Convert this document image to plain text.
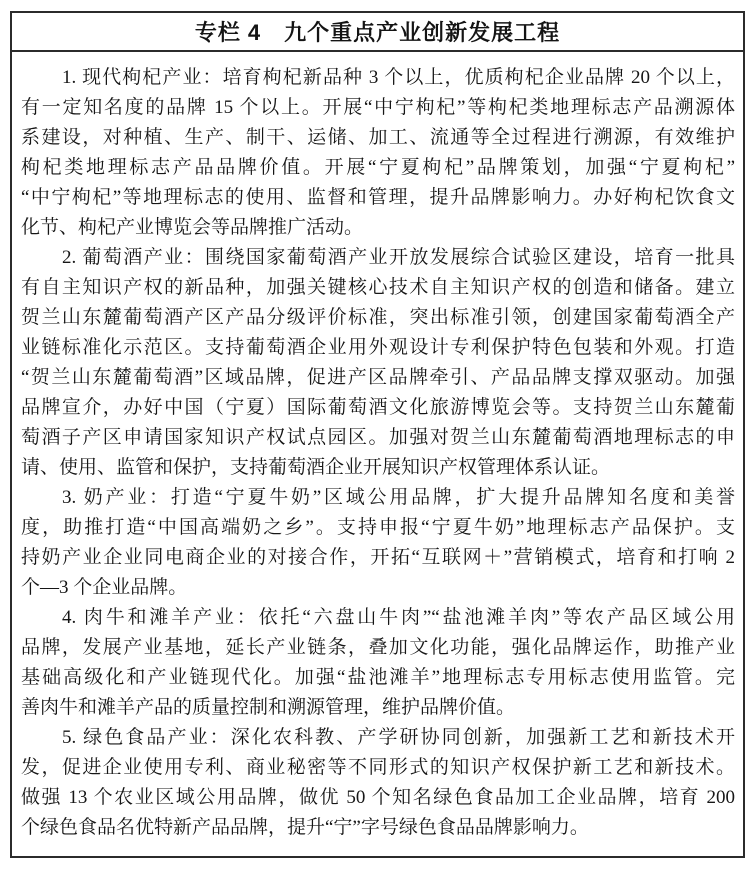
专栏 4　九个重点产业创新发展工程
1. 现代枸杞产业：培育枸杞新品种 3 个以上，优质枸杞企业品牌 20 个以上，
有一定知名度的品牌 15 个以上。开展“中宁枸杞”等枸杞类地理标志产品溯源体
系建设，对种植、生产、制干、运储、加工、流通等全过程进行溯源，有效维护
枸杞类地理标志产品品牌价值。开展“宁夏枸杞”品牌策划，加强“宁夏枸杞”
“中宁枸杞”等地理标志的使用、监督和管理，提升品牌影响力。办好枸杞饮食文
化节、枸杞产业博览会等品牌推广活动。
2. 葡萄酒产业：围绕国家葡萄酒产业开放发展综合试验区建设，培育一批具
有自主知识产权的新品种，加强关键核心技术自主知识产权的创造和储备。建立
贺兰山东麓葡萄酒产区产品分级评价标准，突出标准引领，创建国家葡萄酒全产
业链标准化示范区。支持葡萄酒企业用外观设计专利保护特色包装和外观。打造
“贺兰山东麓葡萄酒”区域品牌，促进产区品牌牵引、产品品牌支撑双驱动。加强
品牌宣介，办好中国（宁夏）国际葡萄酒文化旅游博览会等。支持贺兰山东麓葡
萄酒子产区申请国家知识产权试点园区。加强对贺兰山东麓葡萄酒地理标志的申
请、使用、监管和保护，支持葡萄酒企业开展知识产权管理体系认证。
3. 奶产业：打造“宁夏牛奶”区域公用品牌，扩大提升品牌知名度和美誉
度，助推打造“中国高端奶之乡”。支持申报“宁夏牛奶”地理标志产品保护。支
持奶产业企业同电商企业的对接合作，开拓“互联网＋”营销模式，培育和打响 2
个—3 个企业品牌。
4. 肉牛和滩羊产业：依托“六盘山牛肉”“盐池滩羊肉”等农产品区域公用
品牌，发展产业基地，延长产业链条，叠加文化功能，强化品牌运作，助推产业
基础高级化和产业链现代化。加强“盐池滩羊”地理标志专用标志使用监管。完
善肉牛和滩羊产品的质量控制和溯源管理，维护品牌价值。
5. 绿色食品产业：深化农科教、产学研协同创新，加强新工艺和新技术开
发，促进企业使用专利、商业秘密等不同形式的知识产权保护新工艺和新技术。
做强 13 个农业区域公用品牌，做优 50 个知名绿色食品加工企业品牌，培育 200
个绿色食品名优特新产品品牌，提升“宁”字号绿色食品品牌影响力。
